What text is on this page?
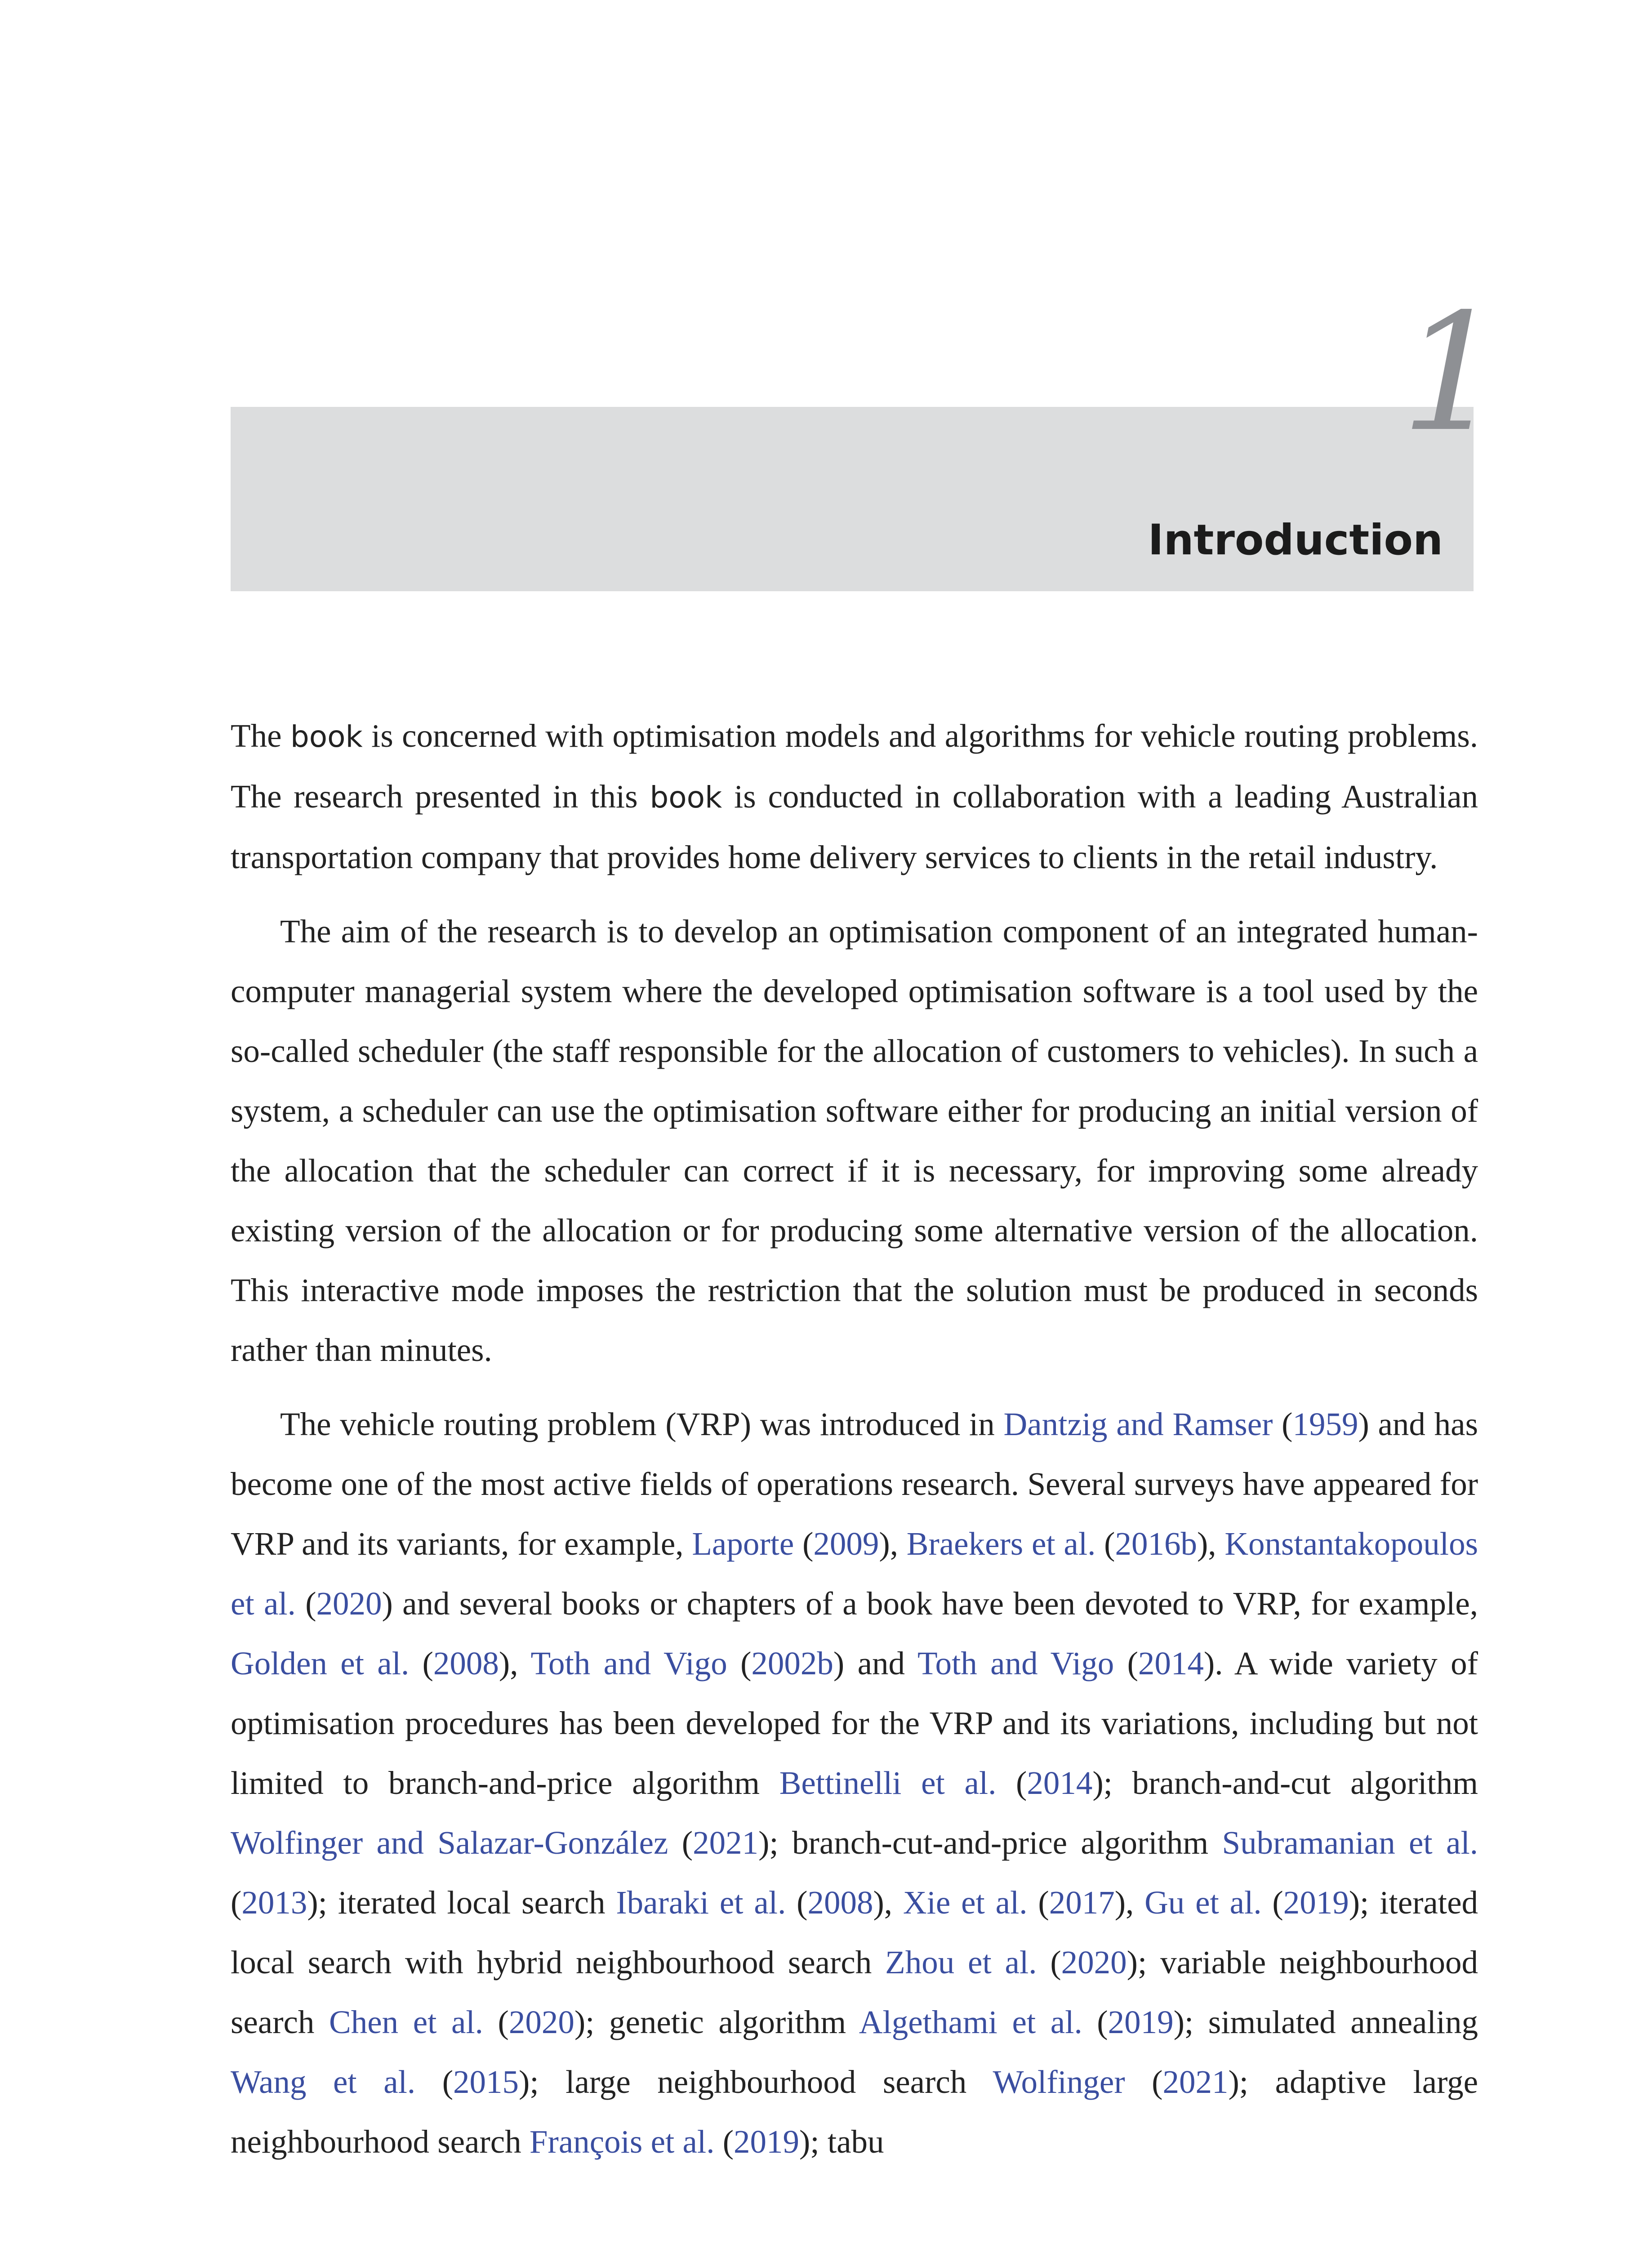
1
Introduction

The book is concerned with optimisation models and algorithms for vehicle routing problems. The research presented in this book is conducted in collaboration with a leading Australian transportation company that provides home delivery services to clients in the retail industry.

The aim of the research is to develop an optimisation component of an integrated human-computer managerial system where the developed optimisation software is a tool used by the so-called scheduler (the staff responsible for the allocation of customers to vehicles). In such a system, a scheduler can use the optimisation software either for producing an initial version of the allocation that the scheduler can correct if it is necessary, for improving some already existing version of the allocation or for producing some alternative version of the allocation. This interactive mode imposes the restriction that the solution must be produced in seconds rather than minutes.

The vehicle routing problem (VRP) was introduced in Dantzig and Ramser (1959) and has become one of the most active fields of operations research. Several surveys have appeared for VRP and its variants, for example, Laporte (2009), Braekers et al. (2016b), Konstantakopoulos et al. (2020) and several books or chapters of a book have been devoted to VRP, for example, Golden et al. (2008), Toth and Vigo (2002b) and Toth and Vigo (2014). A wide variety of optimisation procedures has been developed for the VRP and its variations, including but not limited to branch-and-price algorithm Bettinelli et al. (2014); branch-and-cut algorithm Wolfinger and Salazar-González (2021); branch-cut-and-price algorithm Subramanian et al. (2013); iterated local search Ibaraki et al. (2008), Xie et al. (2017), Gu et al. (2019); iterated local search with hybrid neighbourhood search Zhou et al. (2020); variable neighbourhood search Chen et al. (2020); genetic algorithm Algethami et al. (2019); simulated annealing Wang et al. (2015); large neighbourhood search Wolfinger (2021); adaptive large neighbourhood search François et al. (2019); tabu
